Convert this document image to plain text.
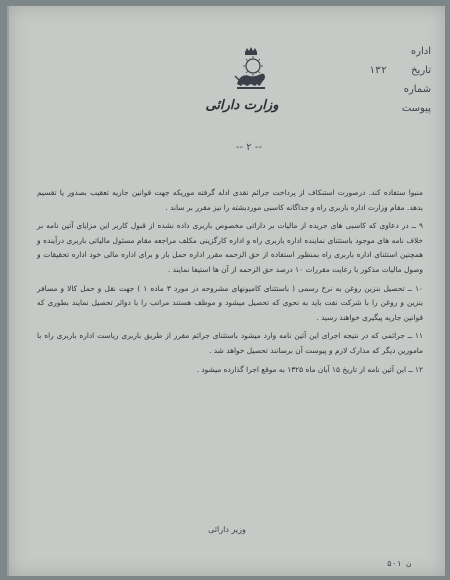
اداره
تاریخ
۱۳۲
شماره
پیوست
وزارت دارائی
-- ۲ --

منبوا ستفاده کند. درصورت استنکاف از پرداخت جرائم نقدی ادله گرفته موریکه جهت قوانین جاریه تعقیب بصدور یا تقسیم بدهد. مقام وزارت اداره باربری راه و جداگانه کاسبی موردبشته را نیز مقرر بر ساند .

۹ ــ در دعاوی که کاسبی های جریده از مالیات بر دارائی مخصوص باربری داده نشده از قبول کاربر این مزایای آئین نامه بر خلاف نامه های موجود باستثنای نماینده اداره باربری راه و اداره کارگزینی مکلف مراجعه مقام مسئول مالیاتی باربری درآینده و همچنین استثنای اداره باربری راه بمنظور استفاده از حق الزحمه مقرر اداره حمل بار و برای اداره مالی خود اداره تحقیقات و وصول مالیات مذکور با رعایت مقررات ۱۰ درصد حق الزحمه از آن ها استیفا نمایند .

۱۰ ــ تحصیل بنزین روغن به نرخ رسمی ( باستثنای کامیونهای مشروحه در مورد ۳ ماده ۱ ) جهت نقل و حمل کالا و مسافر بنزین و روغن را با شرکت نفت باید به نحوی که تحصیل میشود و موظف هستند مراتب را با دوائر تحصیل نمایند بطوری که قوانین جاریه پیگیری خواهند رسید .

۱۱ ــ جرائمی که در نتیجه اجرای این آئین نامه وارد میشود باستثنای جرائم مقرر از طریق باربری ریاست اداره باربری راه با مامورین دیگر که مدارک لازم و پیوست آن برسانند تحصیل خواهد شد .

۱۲ ــ این آئین نامه از تاریخ ۱۵ آبان ماه ۱۳۲۵ به موقع اجرا گذارده میشود .

وزیر دارائی
۵۰۱ ن
